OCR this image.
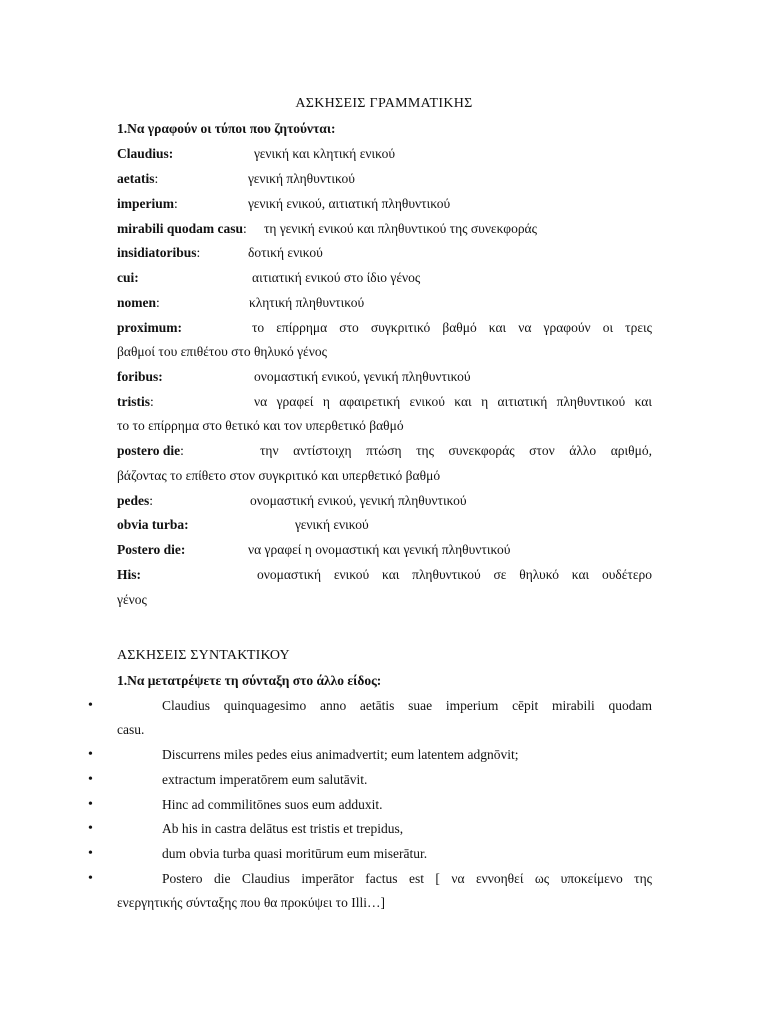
ΑΣΚΗΣΕΙΣ ΓΡΑΜΜΑΤΙΚΗΣ
1.Να γραφούν οι τύποι που ζητούνται:
Claudius:	γενική και κλητική ενικού
aetatis:	γενική πληθυντικού
imperium:	γενική ενικού, αιτιατική πληθυντικού
mirabili quodam casu: τη γενική ενικού και πληθυντικού της συνεκφοράς
insidiatoribus:	δοτική ενικού
cui:	αιτιατική ενικού στο ίδιο γένος
nomen:	κλητική πληθυντικού
proximum:	το επίρρημα στο συγκριτικό βαθμό και να γραφούν οι τρεις
βαθμοί του επιθέτου στο θηλυκό γένος
foribus:	ονομαστική ενικού, γενική πληθυντικού
tristis:	να γραφεί η αφαιρετική ενικού και η αιτιατική πληθυντικού και
το το επίρρημα στο θετικό και τον υπερθετικό βαθμό
postero die:	την αντίστοιχη πτώση της συνεκφοράς στον άλλο αριθμό,
βάζοντας το επίθετο στον συγκριτικό και υπερθετικό βαθμό
pedes:	ονομαστική ενικού, γενική πληθυντικού
obvia turba:	γενική ενικού
Postero die:	να γραφεί η ονομαστική και γενική πληθυντικού
His:	ονομαστική ενικού και πληθυντικού σε θηλυκό και ουδέτερο
γένος
ΑΣΚΗΣΕΙΣ ΣΥΝΤΑΚΤΙΚΟΥ
1.Να μετατρέψετε τη σύνταξη στο άλλο είδος:
•	Claudius quinquagesimo anno aetātis suae imperium cēpit mirabili quodam
casu.
•	Discurrens miles pedes eius animadvertit; eum latentem adgnōvit;
•	extractum imperatōrem eum salutāvit.
•	Hinc ad commilitōnes suos eum adduxit.
•	Ab his in castra delātus est tristis et trepidus,
•	dum obvia turba quasi moritūrum eum miserātur.
•	Postero die Claudius imperātor factus est [ να εννοηθεί ως υποκείμενο της
ενεργητικής σύνταξης που θα προκύψει το Illi…]
